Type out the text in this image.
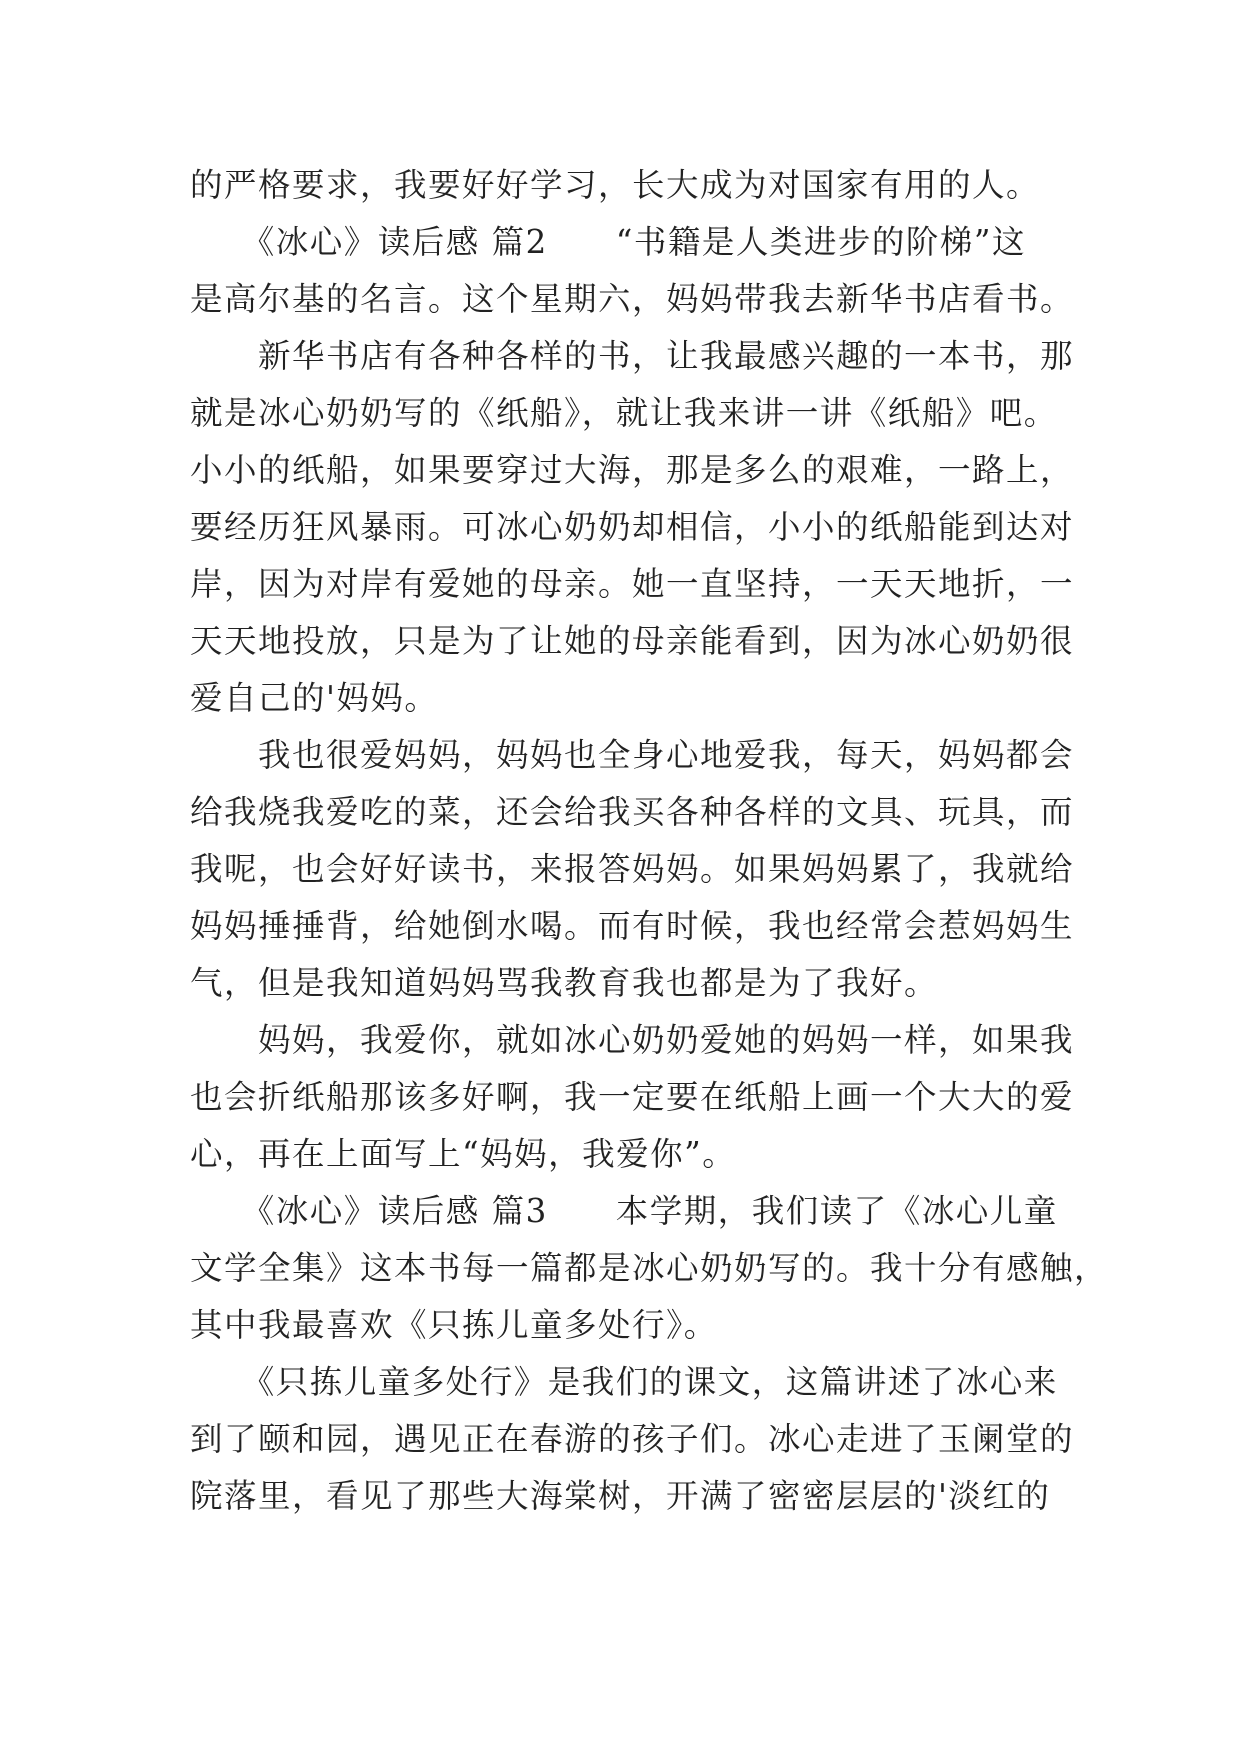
的严格要求，我要好好学习，长大成为对国家有用的人。
　　《冰心》读后感 篇2　　“书籍是人类进步的阶梯”这
是高尔基的名言。这个星期六，妈妈带我去新华书店看书。
　　新华书店有各种各样的书，让我最感兴趣的一本书，那
就是冰心奶奶写的《纸船》，就让我来讲一讲《纸船》吧。
小小的纸船，如果要穿过大海，那是多么的艰难，一路上，
要经历狂风暴雨。可冰心奶奶却相信，小小的纸船能到达对
岸，因为对岸有爱她的母亲。她一直坚持，一天天地折，一
天天地投放，只是为了让她的母亲能看到，因为冰心奶奶很
爱自己的'妈妈。
　　我也很爱妈妈，妈妈也全身心地爱我，每天，妈妈都会
给我烧我爱吃的菜，还会给我买各种各样的文具、玩具，而
我呢，也会好好读书，来报答妈妈。如果妈妈累了，我就给
妈妈捶捶背，给她倒水喝。而有时候，我也经常会惹妈妈生
气，但是我知道妈妈骂我教育我也都是为了我好。
　　妈妈，我爱你，就如冰心奶奶爱她的妈妈一样，如果我
也会折纸船那该多好啊，我一定要在纸船上画一个大大的爱
心，再在上面写上“妈妈，我爱你”。
　　《冰心》读后感 篇3　　本学期，我们读了《冰心儿童
文学全集》这本书每一篇都是冰心奶奶写的。我十分有感触，
其中我最喜欢《只拣儿童多处行》。
　　《只拣儿童多处行》是我们的课文，这篇讲述了冰心来
到了颐和园，遇见正在春游的孩子们。冰心走进了玉阑堂的
院落里，看见了那些大海棠树，开满了密密层层的'淡红的
